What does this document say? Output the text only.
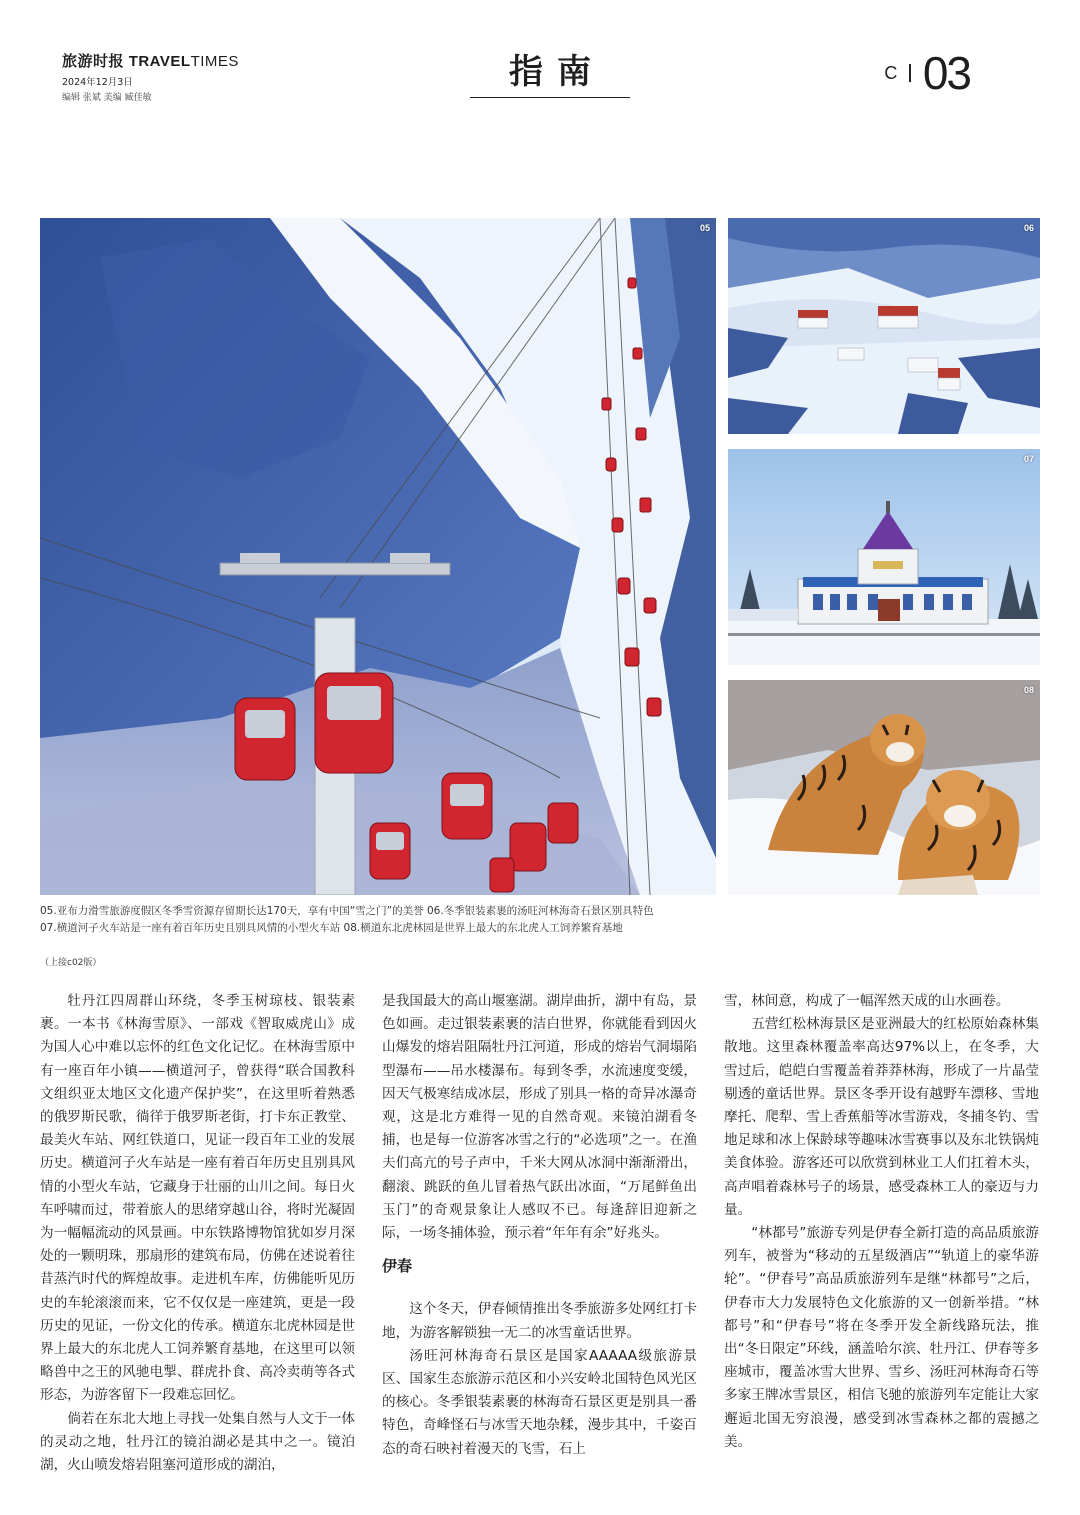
旅游时报 TRAVELTIMES
2024年12月3日
编辑 张斌 美编 臧佳敏
指南	C 03
05	06
07
08
05.亚布力滑雪旅游度假区冬季雪资源存留期长达170天，享有中国“雪之门”的美誉 06.冬季银装素裹的汤旺河林海奇石景区别具特色
07.横道河子火车站是一座有着百年历史且别具风情的小型火车站 08.横道东北虎林园是世界上最大的东北虎人工饲养繁育基地
（上接c02版）

牡丹江四周群山环绕，冬季玉树琼枝、银装素裹。一本书《林海雪原》、一部戏《智取威虎山》成为国人心中难以忘怀的红色文化记忆。在林海雪原中有一座百年小镇——横道河子，曾获得“联合国教科文组织亚太地区文化遗产保护奖”，在这里听着熟悉的俄罗斯民歌，徜徉于俄罗斯老街，打卡东正教堂、最美火车站、网红铁道口，见证一段百年工业的发展历史。横道河子火车站是一座有着百年历史且别具风情的小型火车站，它藏身于壮丽的山川之间。每日火车呼啸而过，带着旅人的思绪穿越山谷，将时光凝固为一幅幅流动的风景画。中东铁路博物馆犹如岁月深处的一颗明珠，那扇形的建筑布局，仿佛在述说着往昔蒸汽时代的辉煌故事。走进机车库，仿佛能听见历史的车轮滚滚而来，它不仅仅是一座建筑，更是一段历史的见证，一份文化的传承。横道东北虎林园是世界上最大的东北虎人工饲养繁育基地，在这里可以领略兽中之王的风驰电掣、群虎扑食、高冷卖萌等各式形态，为游客留下一段难忘回忆。

倘若在东北大地上寻找一处集自然与人文于一体的灵动之地，牡丹江的镜泊湖必是其中之一。镜泊湖，火山喷发熔岩阻塞河道形成的湖泊，

是我国最大的高山堰塞湖。湖岸曲折，湖中有岛，景色如画。走过银装素裹的洁白世界，你就能看到因火山爆发的熔岩阻隔牡丹江河道，形成的熔岩气洞塌陷型瀑布——吊水楼瀑布。每到冬季，水流速度变缓，因天气极寒结成冰层，形成了别具一格的奇异冰瀑奇观，这是北方难得一见的自然奇观。来镜泊湖看冬捕，也是每一位游客冰雪之行的“必选项”之一。在渔夫们高亢的号子声中，千米大网从冰洞中渐渐滑出，翻滚、跳跃的鱼儿冒着热气跃出冰面，“万尾鲜鱼出玉门”的奇观景象让人感叹不已。每逢辞旧迎新之际，一场冬捕体验，预示着“年年有余”好兆头。

伊春

这个冬天，伊春倾情推出冬季旅游多处网红打卡地，为游客解锁独一无二的冰雪童话世界。

汤旺河林海奇石景区是国家AAAAA级旅游景区、国家生态旅游示范区和小兴安岭北国特色风光区的核心。冬季银装素裹的林海奇石景区更是别具一番特色，奇峰怪石与冰雪天地杂糅，漫步其中，千姿百态的奇石映衬着漫天的飞雪，石上

雪，林间意，构成了一幅浑然天成的山水画卷。

五营红松林海景区是亚洲最大的红松原始森林集散地。这里森林覆盖率高达97%以上，在冬季，大雪过后，皑皑白雪覆盖着莽莽林海，形成了一片晶莹剔透的童话世界。景区冬季开设有越野车漂移、雪地摩托、爬犁、雪上香蕉船等冰雪游戏，冬捕冬钓、雪地足球和冰上保龄球等趣味冰雪赛事以及东北铁锅炖美食体验。游客还可以欣赏到林业工人们扛着木头，高声唱着森林号子的场景，感受森林工人的豪迈与力量。

“林都号”旅游专列是伊春全新打造的高品质旅游列车，被誉为“移动的五星级酒店”“轨道上的豪华游轮”。“伊春号”高品质旅游列车是继“林都号”之后，伊春市大力发展特色文化旅游的又一创新举措。“林都号”和“伊春号”将在冬季开发全新线路玩法，推出“冬日限定”环线，涵盖哈尔滨、牡丹江、伊春等多座城市，覆盖冰雪大世界、雪乡、汤旺河林海奇石等多家王牌冰雪景区，相信飞驰的旅游列车定能让大家邂逅北国无穷浪漫，感受到冰雪森林之都的震撼之美。
